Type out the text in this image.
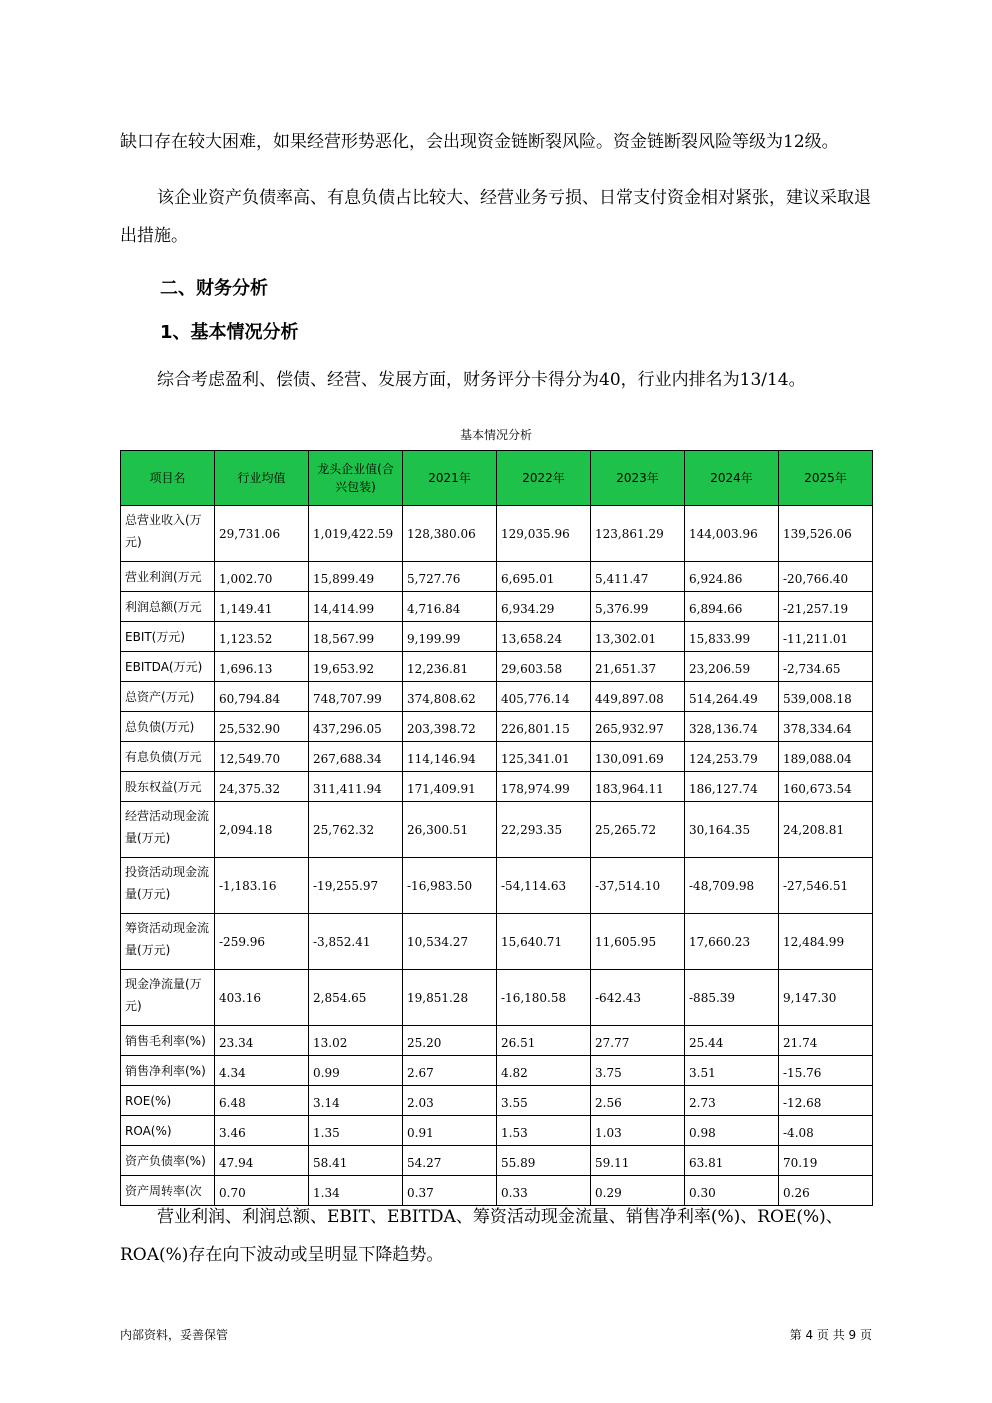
缺口存在较大困难，如果经营形势恶化，会出现资金链断裂风险。资金链断裂风险等级为12级。

该企业资产负债率高、有息负债占比较大、经营业务亏损、日常支付资金相对紧张，建议采取退出措施。

二、财务分析
1、基本情况分析

综合考虑盈利、偿债、经营、发展方面，财务评分卡得分为40，行业内排名为13/14。

基本情况分析
项目名	行业均值	龙头企业值(合兴包装)	2021年	2022年	2023年	2024年	2025年
总营业收入(万元)	29,731.06	1,019,422.59	128,380.06	129,035.96	123,861.29	144,003.96	139,526.06
营业利润(万元	1,002.70	15,899.49	5,727.76	6,695.01	5,411.47	6,924.86	-20,766.40
利润总额(万元	1,149.41	14,414.99	4,716.84	6,934.29	5,376.99	6,894.66	-21,257.19
EBIT(万元)	1,123.52	18,567.99	9,199.99	13,658.24	13,302.01	15,833.99	-11,211.01
EBITDA(万元)	1,696.13	19,653.92	12,236.81	29,603.58	21,651.37	23,206.59	-2,734.65
总资产(万元)	60,794.84	748,707.99	374,808.62	405,776.14	449,897.08	514,264.49	539,008.18
总负债(万元)	25,532.90	437,296.05	203,398.72	226,801.15	265,932.97	328,136.74	378,334.64
有息负债(万元	12,549.70	267,688.34	114,146.94	125,341.01	130,091.69	124,253.79	189,088.04
股东权益(万元	24,375.32	311,411.94	171,409.91	178,974.99	183,964.11	186,127.74	160,673.54
经营活动现金流量(万元)	2,094.18	25,762.32	26,300.51	22,293.35	25,265.72	30,164.35	24,208.81
投资活动现金流量(万元)	-1,183.16	-19,255.97	-16,983.50	-54,114.63	-37,514.10	-48,709.98	-27,546.51
筹资活动现金流量(万元)	-259.96	-3,852.41	10,534.27	15,640.71	11,605.95	17,660.23	12,484.99
现金净流量(万元)	403.16	2,854.65	19,851.28	-16,180.58	-642.43	-885.39	9,147.30
销售毛利率(%)	23.34	13.02	25.20	26.51	27.77	25.44	21.74
销售净利率(%)	4.34	0.99	2.67	4.82	3.75	3.51	-15.76
ROE(%)	6.48	3.14	2.03	3.55	2.56	2.73	-12.68
ROA(%)	3.46	1.35	0.91	1.53	1.03	0.98	-4.08
资产负债率(%)	47.94	58.41	54.27	55.89	59.11	63.81	70.19
资产周转率(次	0.70	1.34	0.37	0.33	0.29	0.30	0.26

营业利润、利润总额、EBIT、EBITDA、筹资活动现金流量、销售净利率(%)、ROE(%)、ROA(%)存在向下波动或呈明显下降趋势。

内部资料，妥善保管	第 4 页 共 9 页
